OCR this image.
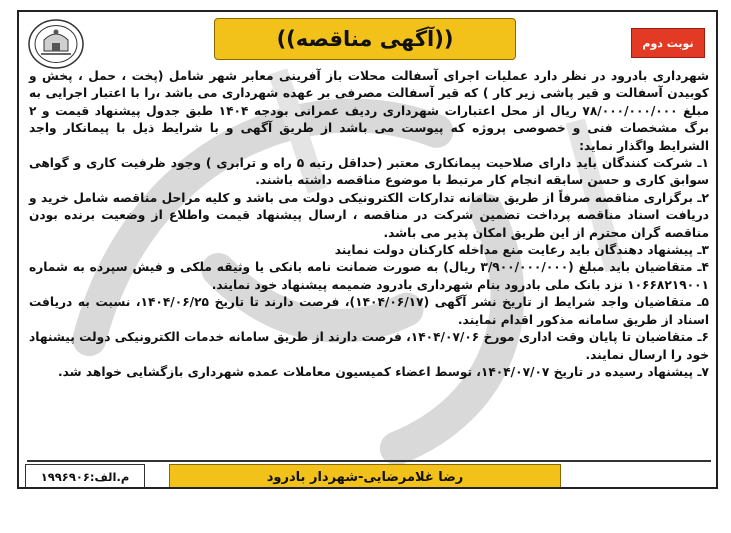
((آگهی مناقصه))	نوبت دوم

شهرداری بادرود در نظر دارد عملیات اجرای آسفالت محلات باز آفرینی معابر شهر شامل (پخت ، حمل ، پخش و کوبیدن آسفالت و قیر پاشی زیر کار ) که قیر آسفالت مصرفی بر عهده شهرداری می باشد ،را با اعتبار اجرایی به مبلغ ۷۸/۰۰۰/۰۰۰/۰۰۰ ریال از محل اعتبارات شهرداری ردیف عمرانی بودجه ۱۴۰۴ طبق جدول پیشنهاد قیمت و ۲ برگ مشخصات فنی و خصوصی پروژه که پیوست می باشد از طریق آگهی و با شرایط ذیل با پیمانکار واجد الشرایط واگذار نماید:

۱ـ شرکت کنندگان باید دارای صلاحیت پیمانکاری معتبر (حداقل رتبه ۵ راه و ترابری ) وجود ظرفیت کاری و گواهی سوابق کاری و حسن سابقه انجام کار مرتبط با موضوع مناقصه داشته باشند.

۲ـ برگزاری مناقصه صرفاً از طریق سامانه تدارکات الکترونیکی دولت می باشد و کلیه مراحل مناقصه شامل خرید و دریافت اسناد مناقصه پرداخت تضمین شرکت در مناقصه ، ارسال پیشنهاد قیمت واطلاع از وضعیت برنده بودن مناقصه گران محترم از این طریق امکان پذیر می باشد.

۳ـ پیشنهاد دهندگان باید رعایت منع مداخله کارکنان دولت نمایند

۴ـ متقاضیان باید مبلغ (۳/۹۰۰/۰۰۰/۰۰۰ ریال) به صورت ضمانت نامه بانکی یا وثیقه ملکی و فیش سپرده به شماره ۱۰۶۶۸۲۱۹۰۰۱ نزد بانک ملی بادرود بنام شهرداری بادرود ضمیمه پیشنهاد خود نمایند.

۵ـ متقاضیان واجد شرایط از تاریخ نشر آگهی (۱۴۰۴/۰۶/۱۷)، فرصت دارند تا تاریخ ۱۴۰۴/۰۶/۲۵، نسبت به دریافت اسناد از طریق سامانه مذکور اقدام نمایند.

۶ـ متقاضیان تا پایان وقت اداری مورخ ۱۴۰۴/۰۷/۰۶، فرصت دارند از طریق سامانه خدمات الکترونیکی دولت پیشنهاد خود را ارسال نمایند.

۷ـ پیشنهاد رسیده در تاریخ ۱۴۰۴/۰۷/۰۷، توسط اعضاء کمیسیون معاملات عمده شهرداری بازگشایی خواهد شد.

رضا غلامرضایی-شهردار بادرود
م.الف:۱۹۹۶۹۰۶
